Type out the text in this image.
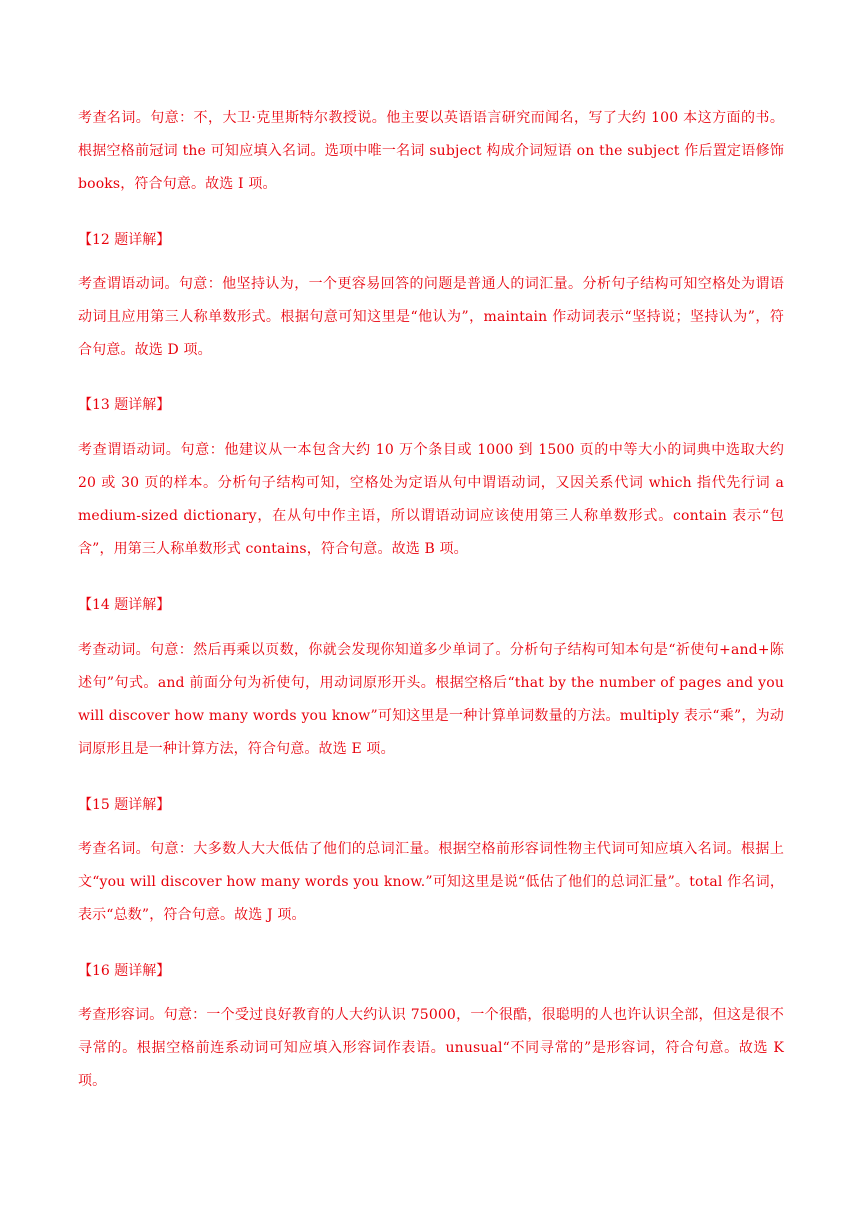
考查名词。句意：不，大卫·克里斯特尔教授说。他主要以英语语言研究而闻名，写了大约 100 本这方面的书。根据空格前冠词 the 可知应填入名词。选项中唯一名词 subject 构成介词短语 on the subject 作后置定语修饰 books，符合句意。故选 I 项。

【12 题详解】

考查谓语动词。句意：他坚持认为，一个更容易回答的问题是普通人的词汇量。分析句子结构可知空格处为谓语动词且应用第三人称单数形式。根据句意可知这里是“他认为”，maintain 作动词表示“坚持说；坚持认为”，符合句意。故选 D 项。

【13 题详解】

考查谓语动词。句意：他建议从一本包含大约 10 万个条目或 1000 到 1500 页的中等大小的词典中选取大约 20 或 30 页的样本。分析句子结构可知，空格处为定语从句中谓语动词，又因关系代词 which 指代先行词 a medium-sized dictionary，在从句中作主语，所以谓语动词应该使用第三人称单数形式。contain 表示“包含”，用第三人称单数形式 contains，符合句意。故选 B 项。

【14 题详解】

考查动词。句意：然后再乘以页数，你就会发现你知道多少单词了。分析句子结构可知本句是“祈使句+and+陈述句”句式。and 前面分句为祈使句，用动词原形开头。根据空格后“that by the number of pages and you will discover how many words you know”可知这里是一种计算单词数量的方法。multiply 表示“乘”，为动词原形且是一种计算方法，符合句意。故选 E 项。

【15 题详解】

考查名词。句意：大多数人大大低估了他们的总词汇量。根据空格前形容词性物主代词可知应填入名词。根据上文“you will discover how many words you know.”可知这里是说“低估了他们的总词汇量”。total 作名词，表示“总数”，符合句意。故选 J 项。

【16 题详解】

考查形容词。句意：一个受过良好教育的人大约认识 75000，一个很酷，很聪明的人也许认识全部，但这是很不寻常的。根据空格前连系动词可知应填入形容词作表语。unusual“不同寻常的”是形容词，符合句意。故选 K 项。
